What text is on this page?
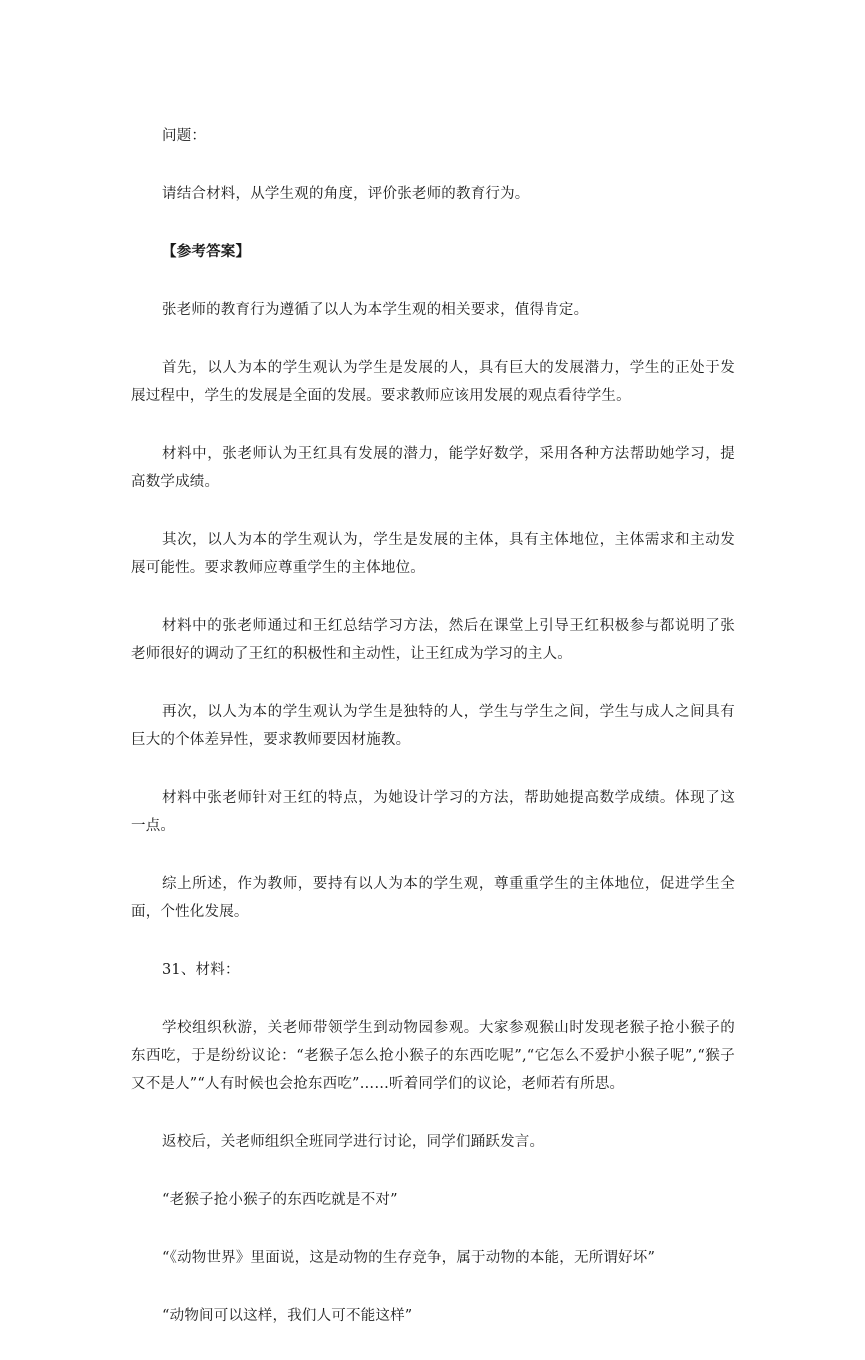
问题：

请结合材料，从学生观的角度，评价张老师的教育行为。

【参考答案】

张老师的教育行为遵循了以人为本学生观的相关要求，值得肯定。

首先，以人为本的学生观认为学生是发展的人，具有巨大的发展潜力，学生的正处于发展过程中，学生的发展是全面的发展。要求教师应该用发展的观点看待学生。

材料中，张老师认为王红具有发展的潜力，能学好数学，采用各种方法帮助她学习，提高数学成绩。

其次，以人为本的学生观认为，学生是发展的主体，具有主体地位，主体需求和主动发展可能性。要求教师应尊重学生的主体地位。

材料中的张老师通过和王红总结学习方法，然后在课堂上引导王红积极参与都说明了张老师很好的调动了王红的积极性和主动性，让王红成为学习的主人。

再次，以人为本的学生观认为学生是独特的人，学生与学生之间，学生与成人之间具有巨大的个体差异性，要求教师要因材施教。

材料中张老师针对王红的特点，为她设计学习的方法，帮助她提高数学成绩。体现了这一点。

综上所述，作为教师，要持有以人为本的学生观，尊重重学生的主体地位，促进学生全面，个性化发展。

31、材料：

学校组织秋游，关老师带领学生到动物园参观。大家参观猴山时发现老猴子抢小猴子的东西吃，于是纷纷议论：“老猴子怎么抢小猴子的东西吃呢”,“它怎么不爱护小猴子呢”,“猴子又不是人”“人有时候也会抢东西吃”……听着同学们的议论，老师若有所思。

返校后，关老师组织全班同学进行讨论，同学们踊跃发言。

“老猴子抢小猴子的东西吃就是不对”

“《动物世界》里面说，这是动物的生存竞争，属于动物的本能，无所谓好坏”

“动物间可以这样，我们人可不能这样”
